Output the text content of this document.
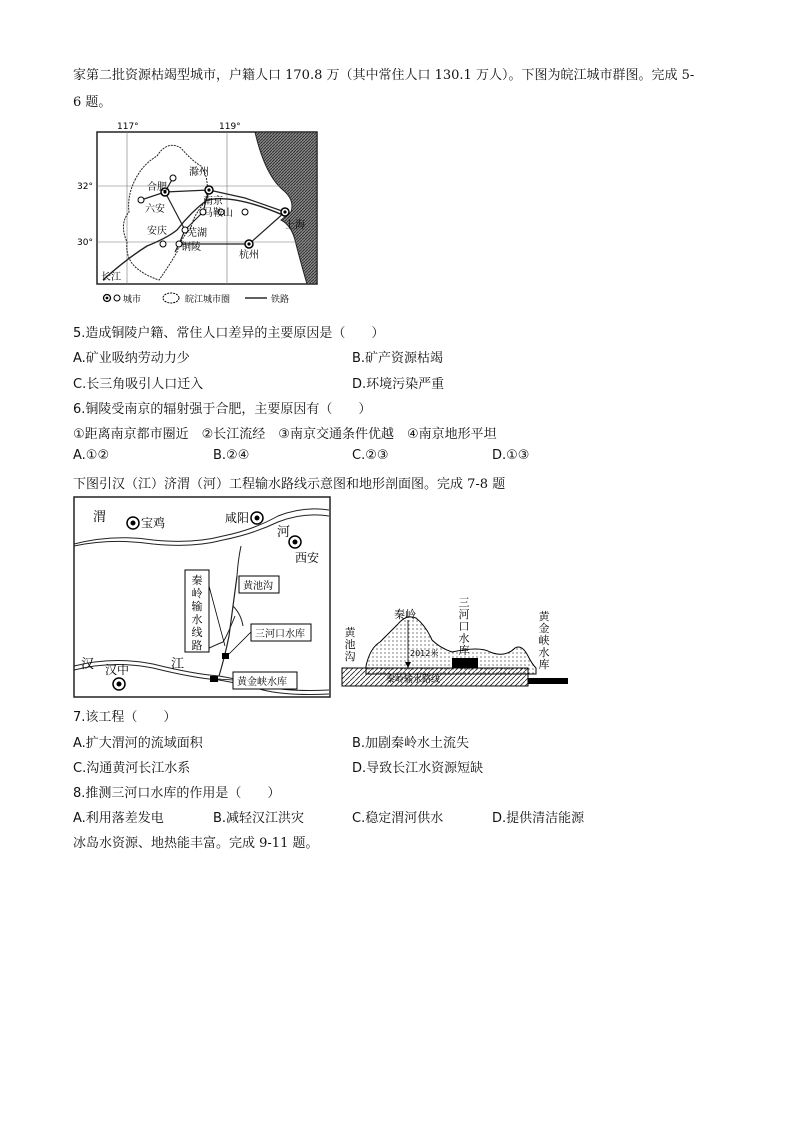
家第二批资源枯竭型城市，户籍人口 170.8 万（其中常住人口 130.1 万人）。下图为皖江城市群图。完成 5-
6 题。
117°	119°
32°
30°
滁州
合肥
南京
六安	马鞍山
安庆 芜湖
铜陵
上海
杭州
长江
城市	皖江城市圈	铁路
5.造成铜陵户籍、常住人口差异的主要原因是（　　）
A.矿业吸纳劳动力少	B.矿产资源枯竭
C.长三角吸引人口迁入	D.环境污染严重
6.铜陵受南京的辐射强于合肥，主要原因有（　　）
①距离南京都市圈近　②长江流经　③南京交通条件优越　④南京地形平坦
A.①②	B.②④	C.②③	D.①③
下图引汉（江）济渭（河）工程输水路线示意图和地形剖面图。完成 7-8 题
渭	宝鸡	咸阳
河
西安
秦岭输水线路
黄池沟
三河口水库
汉 汉中	江
黄金峡水库
秦岭
2012米
秦岭输水路线
黄池沟
三河口水库
黄金峡水库
7.该工程（　　）
A.扩大渭河的流域面积	B.加剧秦岭水土流失
C.沟通黄河长江水系	D.导致长江水资源短缺
8.推测三河口水库的作用是（　　）
A.利用落差发电	B.减轻汉江洪灾	C.稳定渭河供水	D.提供清洁能源
冰岛水资源、地热能丰富。完成 9-11 题。
